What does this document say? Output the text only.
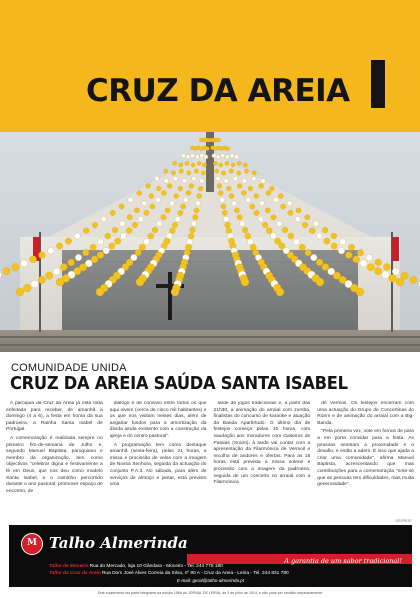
CRUZ DA AREIA
COMUNIDADE UNIDA
CRUZ DA AREIA SAÚDA SANTA ISABEL

A paróquia da Cruz da Areia já está toda enfeitada para receber, de amanhã a domingo (4 a 6), a festa em honra da sua padroeira, a Rainha Santa Isabel de Portugal.

A comemoração é realizada sempre no primeiro fim-de-semana de Julho e, segundo Manuel Baptista, paroquiano e membro da organização, tem como objectivos "celebrar digna e festivamente a fé em Deus, que nos deu como modelo Santa Isabel, e o caminho percorrido durante o ano pastoral; promover espaço de encontro, de

diálogo e de convívio entre todos os que aqui vivem (cerca de cinco mil habitantes) e os que nos visitam nestes dias, além de angariar fundos para a amortização da dívida ainda existente com a construção da igreja e do centro pastoral".

A programação tem como destaque amanhã (sexta-feira), pelas 21 horas, a missa e procissão de velas com a imagem de Nossa Senhora, seguida da actuação do conjunto P.A.3. No sábado, para além de serviços de almoço e jantar, está previsto uma

tarde de jogos tradicionais e, a partir das 21h30, a animação do arraial com zumba, finalistas do concurso de karaoke e atuação da Banda Apartirtudo. O último dia de festejos começa pelas 10 horas, com saudação aos moradores com Gaiteiros de Pataias (Souro), à tarde vai contar com a apresentação da Filarmónica de Vermoil e recolha de andores e ofertas. Para as 15 horas está prevista a missa solene e procissão com a imagem da padroeira, seguida de um concerto no arraial com a Filarmónica

de Vermoil. Os festejos encerram com uma actuação do Grupo de Concertinas do Rúrim e de animação do arraial com a Big-Banda.

"Pela primeira vez, vote em fornos de para a em porta convidar para a festa. As pessoas sentiram a proximidade e o desafio, e estão a aderir. É isso que ajuda a criar uma comunidade", afirma Manuel Baptista, acrescentando que mas contribuições para a comemoração "note-se que as pessoas tem dificuldades, mas muita generosidade".

DR/PROP.
M Talho Almerinda
A garantia de um sabor tradicional!
Talho de Moceiro Rua do Mercado, loja 10 Gândara - Moceiro - Tel. 244 775 180
Talho da Cruz da Areia Rua Dom José Alves Correia da Silva, nº 90 A - Cruz da Areia - Leiria - Tel. 244 831 780
E-mail: geral@talho-almerinda.pt
Este suplemento faz parte integrante da edição 1566 do JORNAL DE LEIRIA, de 3 de julho de 2014, e não pode ser vendido separadamente
